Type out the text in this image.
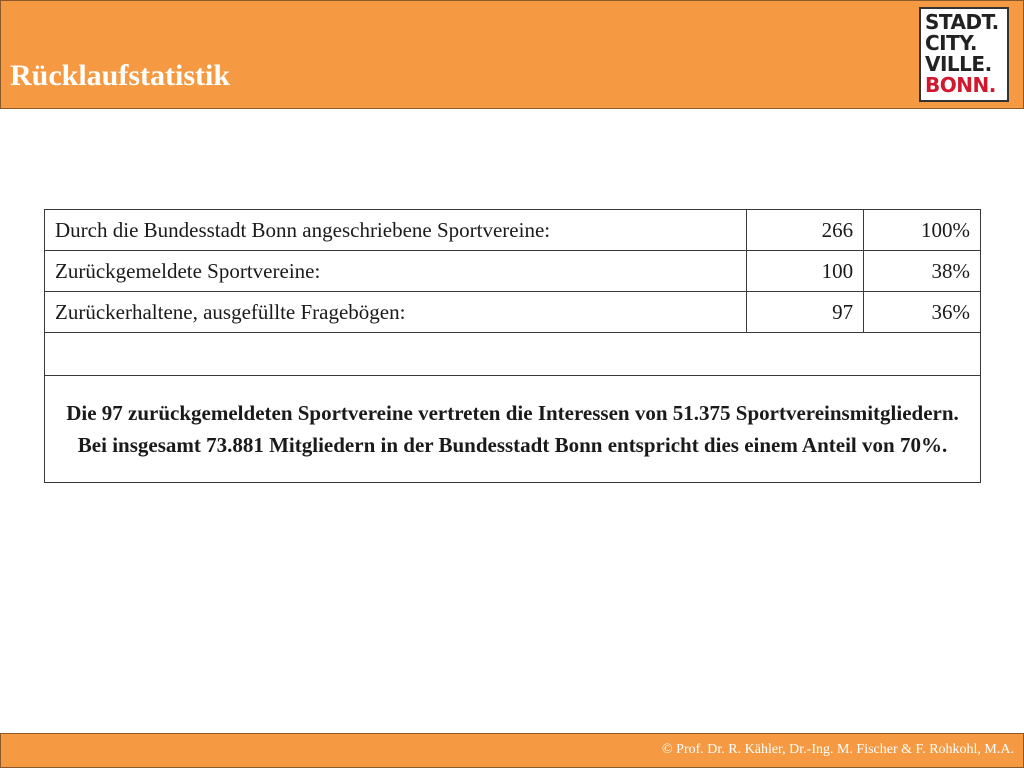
Rücklaufstatistik
STADT.
CITY.
VILLE.
BONN.
Durch die Bundesstadt Bonn angeschriebene Sportvereine:	266	100%
Zurückgemeldete Sportvereine:	100	38%
Zurückerhaltene, ausgefüllte Fragebögen:	97	36%

Die 97 zurückgemeldeten Sportvereine vertreten die Interessen von 51.375 Sportvereinsmitgliedern. Bei insgesamt 73.881 Mitgliedern in der Bundesstadt Bonn entspricht dies einem Anteil von 70%.		
© Prof. Dr. R. Kähler, Dr.-Ing. M. Fischer & F. Rohkohl, M.A.
